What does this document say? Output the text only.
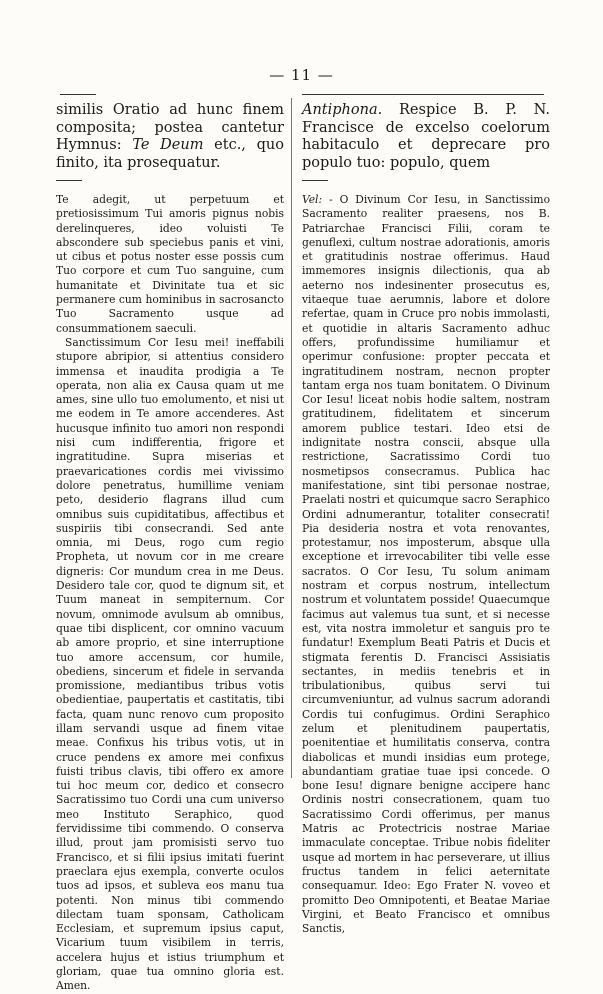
— 11 —

similis Oratio ad hunc finem composita; postea cantetur Hymnus: Te Deum etc., quo finito, ita prosequatur.

Te adegit, ut perpetuum et pretiosissimum Tui amoris pignus nobis derelinqueres, ideo voluisti Te abscondere sub speciebus panis et vini, ut cibus et potus noster esse possis cum Tuo corpore et cum Tuo sanguine, cum humanitate et Divinitate tua et sic permanere cum hominibus in sacrosancto Tuo Sacramento usque ad consummationem saeculi.

Sanctissimum Cor Iesu mei! ineffabili stupore abripior, si attentius considero immensa et inaudita prodigia a Te operata, non alia ex Causa quam ut me ames, sine ullo tuo emolumento, et nisi ut me eodem in Te amore accenderes. Ast hucusque infinito tuo amori non respondi nisi cum indifferentia, frigore et ingratitudine. Supra miserias et praevaricationes cordis mei vivissimo dolore penetratus, humillime veniam peto, desiderio flagrans illud cum omnibus suis cupiditatibus, affectibus et suspiriis tibi consecrandi. Sed ante omnia, mi Deus, rogo cum regio Propheta, ut novum cor in me creare digneris: Cor mundum crea in me Deus. Desidero tale cor, quod te dignum sit, et Tuum maneat in sempiternum. Cor novum, omnimode avulsum ab omnibus, quae tibi displicent, cor omnino vacuum ab amore proprio, et sine interruptione tuo amore accensum, cor humile, obediens, sincerum et fidele in servanda promissione, mediantibus tribus votis obedientiae, paupertatis et castitatis, tibi facta, quam nunc renovo cum proposito illam servandi usque ad finem vitae meae. Confixus his tribus votis, ut in cruce pendens ex amore mei confixus fuisti tribus clavis, tibi offero ex amore tui hoc meum cor, dedico et consecro Sacratissimo tuo Cordi una cum universo meo Instituto Seraphico, quod fervidissime tibi commendo. O conserva illud, prout jam promisisti servo tuo Francisco, et si filii ipsius imitati fuerint praeclara ejus exempla, converte oculos tuos ad ipsos, et subleva eos manu tua potenti. Non minus tibi commendo dilectam tuam sponsam, Catholicam Ecclesiam, et supremum ipsius caput, Vicarium tuum visibilem in terris, accelera hujus et istius triumphum et gloriam, quae tua omnino gloria est. Amen.

Antiphona. Respice B. P. N. Francisce de excelso coelorum habitaculo et deprecare pro populo tuo: populo, quem

Vel: - O Divinum Cor Iesu, in Sanctissimo Sacramento realiter praesens, nos B. Patriarchae Francisci Filii, coram te genuflexi, cultum nostrae adorationis, amoris et gratitudinis nostrae offerimus. Haud immemores insignis dilectionis, qua ab aeterno nos indesinenter prosecutus es, vitaeque tuae aerumnis, labore et dolore refertae, quam in Cruce pro nobis immolasti, et quotidie in altaris Sacramento adhuc offers, profundissime humiliamur et operimur confusione: propter peccata et ingratitudinem nostram, necnon propter tantam erga nos tuam bonitatem. O Divinum Cor Iesu! liceat nobis hodie saltem, nostram gratitudinem, fidelitatem et sincerum amorem publice testari. Ideo etsi de indignitate nostra conscii, absque ulla restrictione, Sacratissimo Cordi tuo nosmetipsos consecramus. Publica hac manifestatione, sint tibi personae nostrae, Praelati nostri et quicumque sacro Seraphico Ordini adnumerantur, totaliter consecrati! Pia desideria nostra et vota renovantes, protestamur, nos imposterum, absque ulla exceptione et irrevocabiliter tibi velle esse sacratos. O Cor Iesu, Tu solum animam nostram et corpus nostrum, intellectum nostrum et voluntatem posside! Quaecumque facimus aut valemus tua sunt, et si necesse est, vita nostra immoletur et sanguis pro te fundatur! Exemplum Beati Patris et Ducis et stigmata ferentis D. Francisci Assisiatis sectantes, in mediis tenebris et in tribulationibus, quibus servi tui circumveniuntur, ad vulnus sacrum adorandi Cordis tui confugimus. Ordini Seraphico zelum et plenitudinem paupertatis, poenitentiae et humilitatis conserva, contra diabolicas et mundi insidias eum protege, abundantiam gratiae tuae ipsi concede. O bone Iesu! dignare benigne accipere hanc Ordinis nostri consecrationem, quam tuo Sacratissimo Cordi offerimus, per manus Matris ac Protectricis nostrae Mariae immaculate conceptae. Tribue nobis fideliter usque ad mortem in hac perseverare, ut illius fructus tandem in felici aeternitate consequamur. Ideo: Ego Frater N. voveo et promitto Deo Omnipotenti, et Beatae Mariae Virgini, et Beato Francisco et omnibus Sanctis,
